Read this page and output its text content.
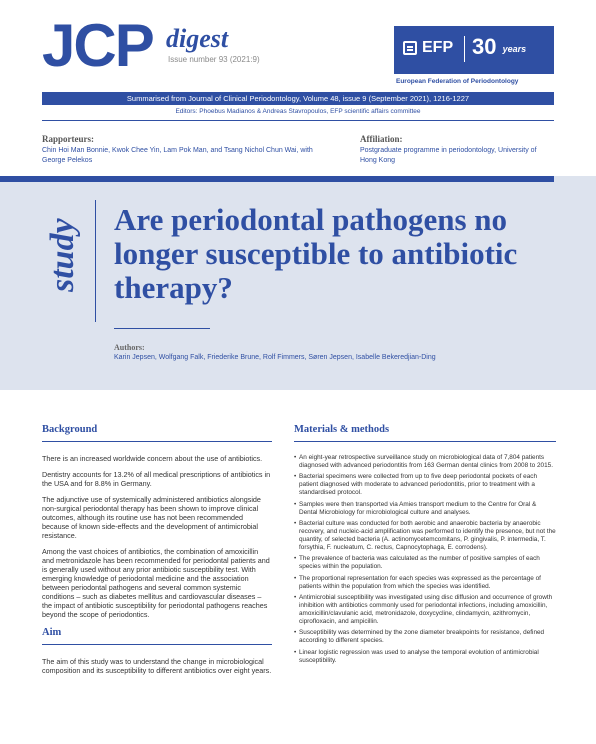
JCP digest
Issue number 93 (2021:9)
EFP 30 $^{years}$
European Federation of Periodontology
Summarised from Journal of Clinical Periodontology, Volume 48, issue 9 (September 2021), 1216-1227
Editors: Phoebus Madianos & Andreas Stavropoulos, EFP scientific affairs committee
Rapporteurs:
Chin Hoi Man Bonnie, Kwok Chee Yin, Lam Pok Man, and Tsang Nichol Chun Wai, with George Pelekos
Affiliation:
Postgraduate programme in periodontology, University of Hong Kong
study Are periodontal pathogens no longer susceptible to antibiotic therapy?
Authors:
Karin Jepsen, Wolfgang Falk, Friederike Brune, Rolf Fimmers, Søren Jepsen, Isabelle Bekeredjian-Ding
Background

There is an increased worldwide concern about the use of antibiotics.

Dentistry accounts for 13.2% of all medical prescriptions of antibiotics in the USA and for 8.8% in Germany.

The adjunctive use of systemically administered antibiotics alongside non-surgical periodontal therapy has been shown to improve clinical outcomes, although its routine use has not been recommended because of known side-effects and the development of antimicrobial resistance.

Among the vast choices of antibiotics, the combination of amoxicillin and metronidazole has been recommended for periodontal patients and is generally used without any prior antibiotic susceptibility test. With emerging knowledge of periodontal medicine and the association between periodontal pathogens and several common systemic conditions – such as diabetes mellitus and cardiovascular diseases – the impact of antibiotic susceptibility for periodontal pathogens reaches beyond the scope of periodontics.

Aim

The aim of this study was to understand the change in microbiological composition and its susceptibility to different antibiotics over eight years.

Materials & methods
• An eight-year retrospective surveillance study on microbiological data of 7,804 patients diagnosed with advanced periodontitis from 163 German dental clinics from 2008 to 2015.
• Bacterial specimens were collected from up to five deep periodontal pockets of each patient diagnosed with moderate to advanced periodontitis, prior to treatment with a standardised protocol.
• Samples were then transported via Amies transport medium to the Centre for Oral & Dental Microbiology for microbiological culture and analyses.
• Bacterial culture was conducted for both aerobic and anaerobic bacteria by anaerobic recovery, and nucleic-acid amplification was performed to identify the presence, but not the quantity, of selected bacteria (A. actinomycetemcomitans, P. gingivalis, P. intermedia, T. forsythia, F. nucleatum, C. rectus, Capnocytophaga, E. corrodens).
• The prevalence of bacteria was calculated as the number of positive samples of each species within the population.
• The proportional representation for each species was expressed as the percentage of patients within the population from which the species was identified.
• Antimicrobial susceptibility was investigated using disc diffusion and occurrence of growth inhibition with antibiotics commonly used for periodontal infections, including amoxicillin, amoxicillin/clavulanic acid, metronidazole, doxycycline, clindamycin, azithromycin, ciprofloxacin, and ampicillin.
• Susceptibility was determined by the zone diameter breakpoints for resistance, defined according to different species.
• Linear logistic regression was used to analyse the temporal evolution of antimicrobial susceptibility.
